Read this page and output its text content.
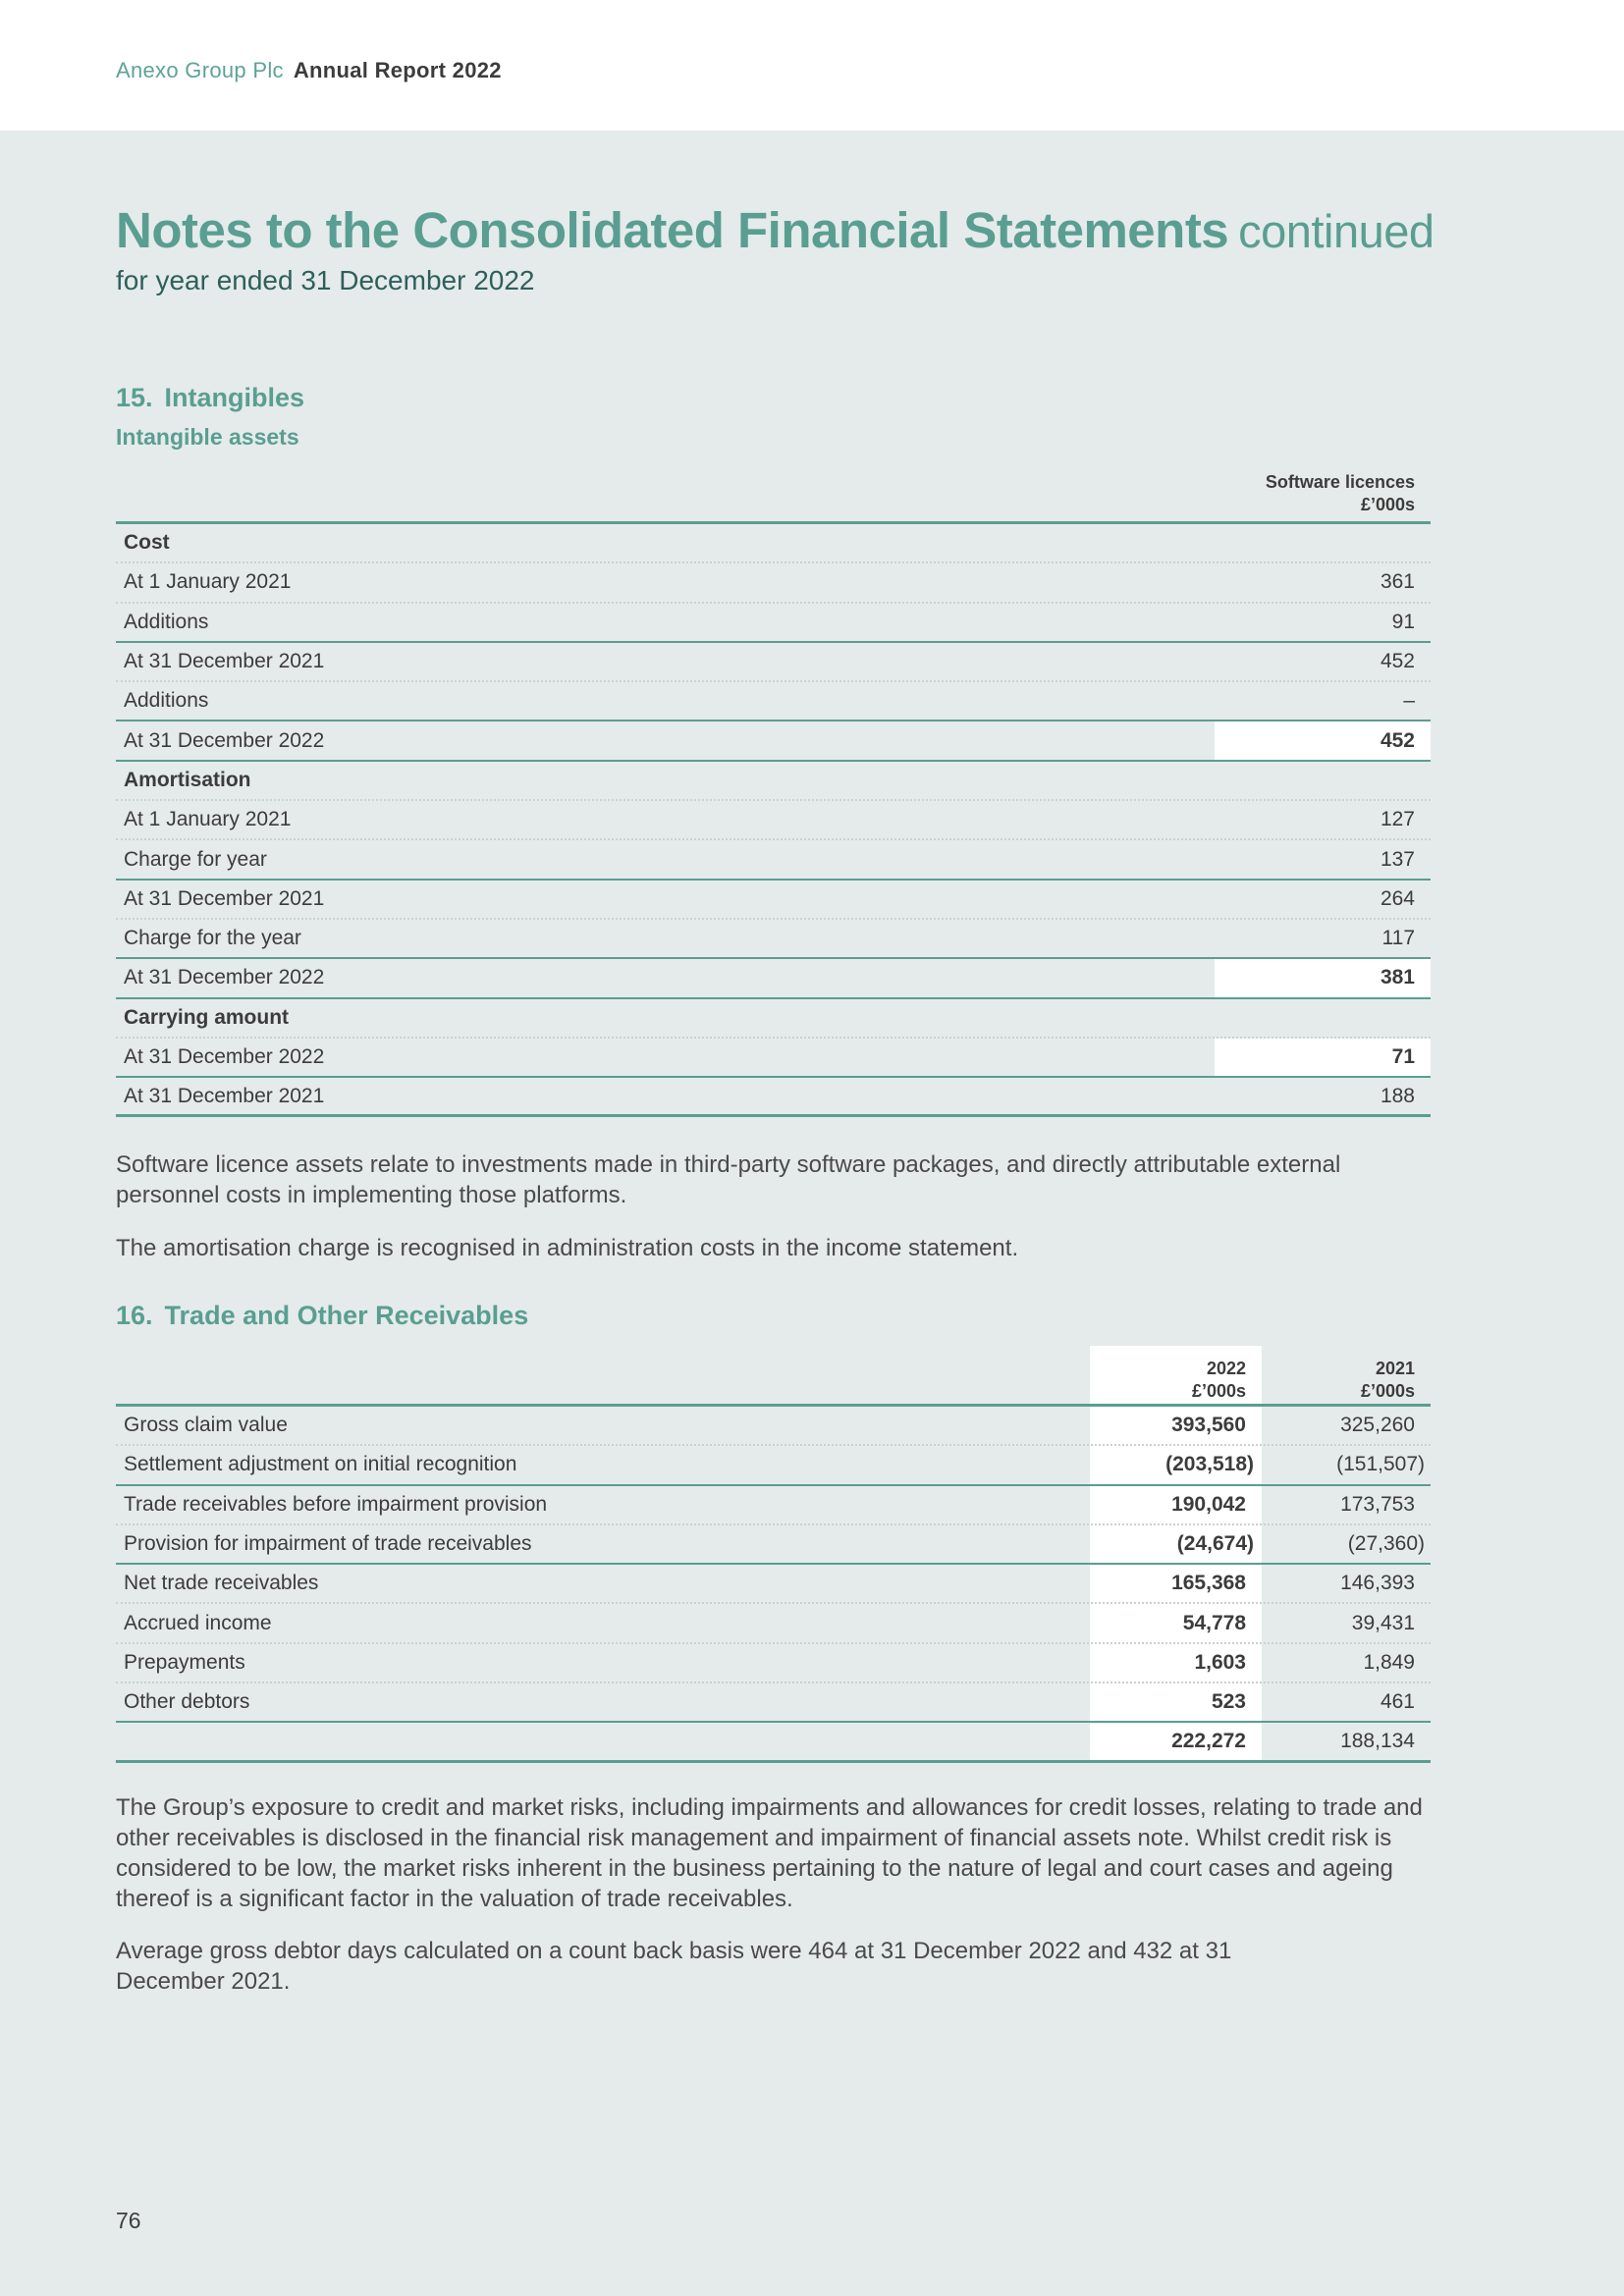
Anexo Group Plc Annual Report 2022
Notes to the Consolidated Financial Statements continued
for year ended 31 December 2022
15. Intangibles
Intangible assets
Software licences
£’000s
Cost
At 1 January 2021	361
Additions	91
At 31 December 2021	452
Additions	–
At 31 December 2022	452
Amortisation
At 1 January 2021	127
Charge for year	137
At 31 December 2021	264
Charge for the year	117
At 31 December 2022	381
Carrying amount
At 31 December 2022	71
At 31 December 2021	188
Software licence assets relate to investments made in third-party software packages, and directly attributable external personnel costs in implementing those platforms.
The amortisation charge is recognised in administration costs in the income statement.
16. Trade and Other Receivables
2022
£’000s
2021
£’000s
Gross claim value	393,560	325,260
Settlement adjustment on initial recognition	(203,518)	(151,507)
Trade receivables before impairment provision	190,042	173,753
Provision for impairment of trade receivables	(24,674)	(27,360)
Net trade receivables	165,368	146,393
Accrued income	54,778	39,431
Prepayments	1,603	1,849
Other debtors	523	461
222,272	188,134
The Group’s exposure to credit and market risks, including impairments and allowances for credit losses, relating to trade and other receivables is disclosed in the financial risk management and impairment of financial assets note. Whilst credit risk is considered to be low, the market risks inherent in the business pertaining to the nature of legal and court cases and ageing thereof is a significant factor in the valuation of trade receivables.
Average gross debtor days calculated on a count back basis were 464 at 31 December 2022 and 432 at 31 December 2021.
76
